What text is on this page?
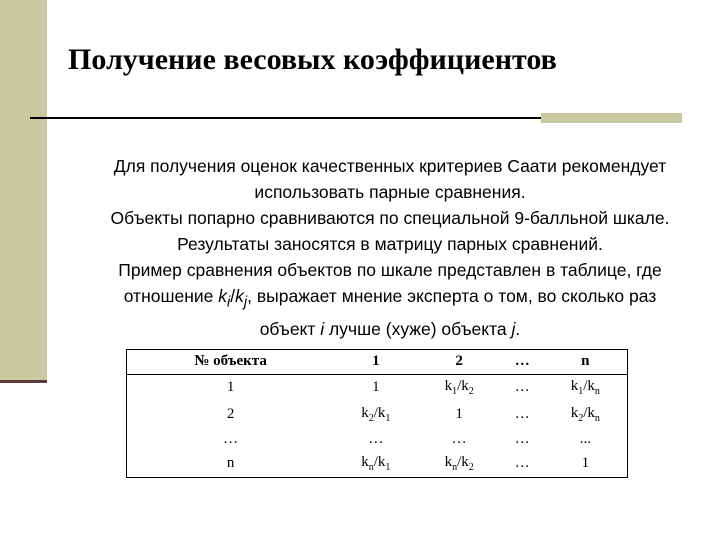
Получение весовых коэффициентов

Для получения оценок качественных критериев Саати рекомендует использовать парные сравнения.

Объекты попарно сравниваются по специальной 9-балльной шкале. Результаты заносятся в матрицу парных сравнений.

Пример сравнения объектов по шкале представлен в таблице, где отношение $k_i/k_j$, выражает мнение эксперта о том, во сколько раз объект i лучше (хуже) объекта j.

№ объекта	1	2	…	n
1	1	$k_1/k_2$	…	$k_1/k_n$
2	$k_2/k_1$	1	…	$k_2/k_n$
…	…	…	…	...
n	$k_n/k_1$	$k_n/k_2$	…	1
